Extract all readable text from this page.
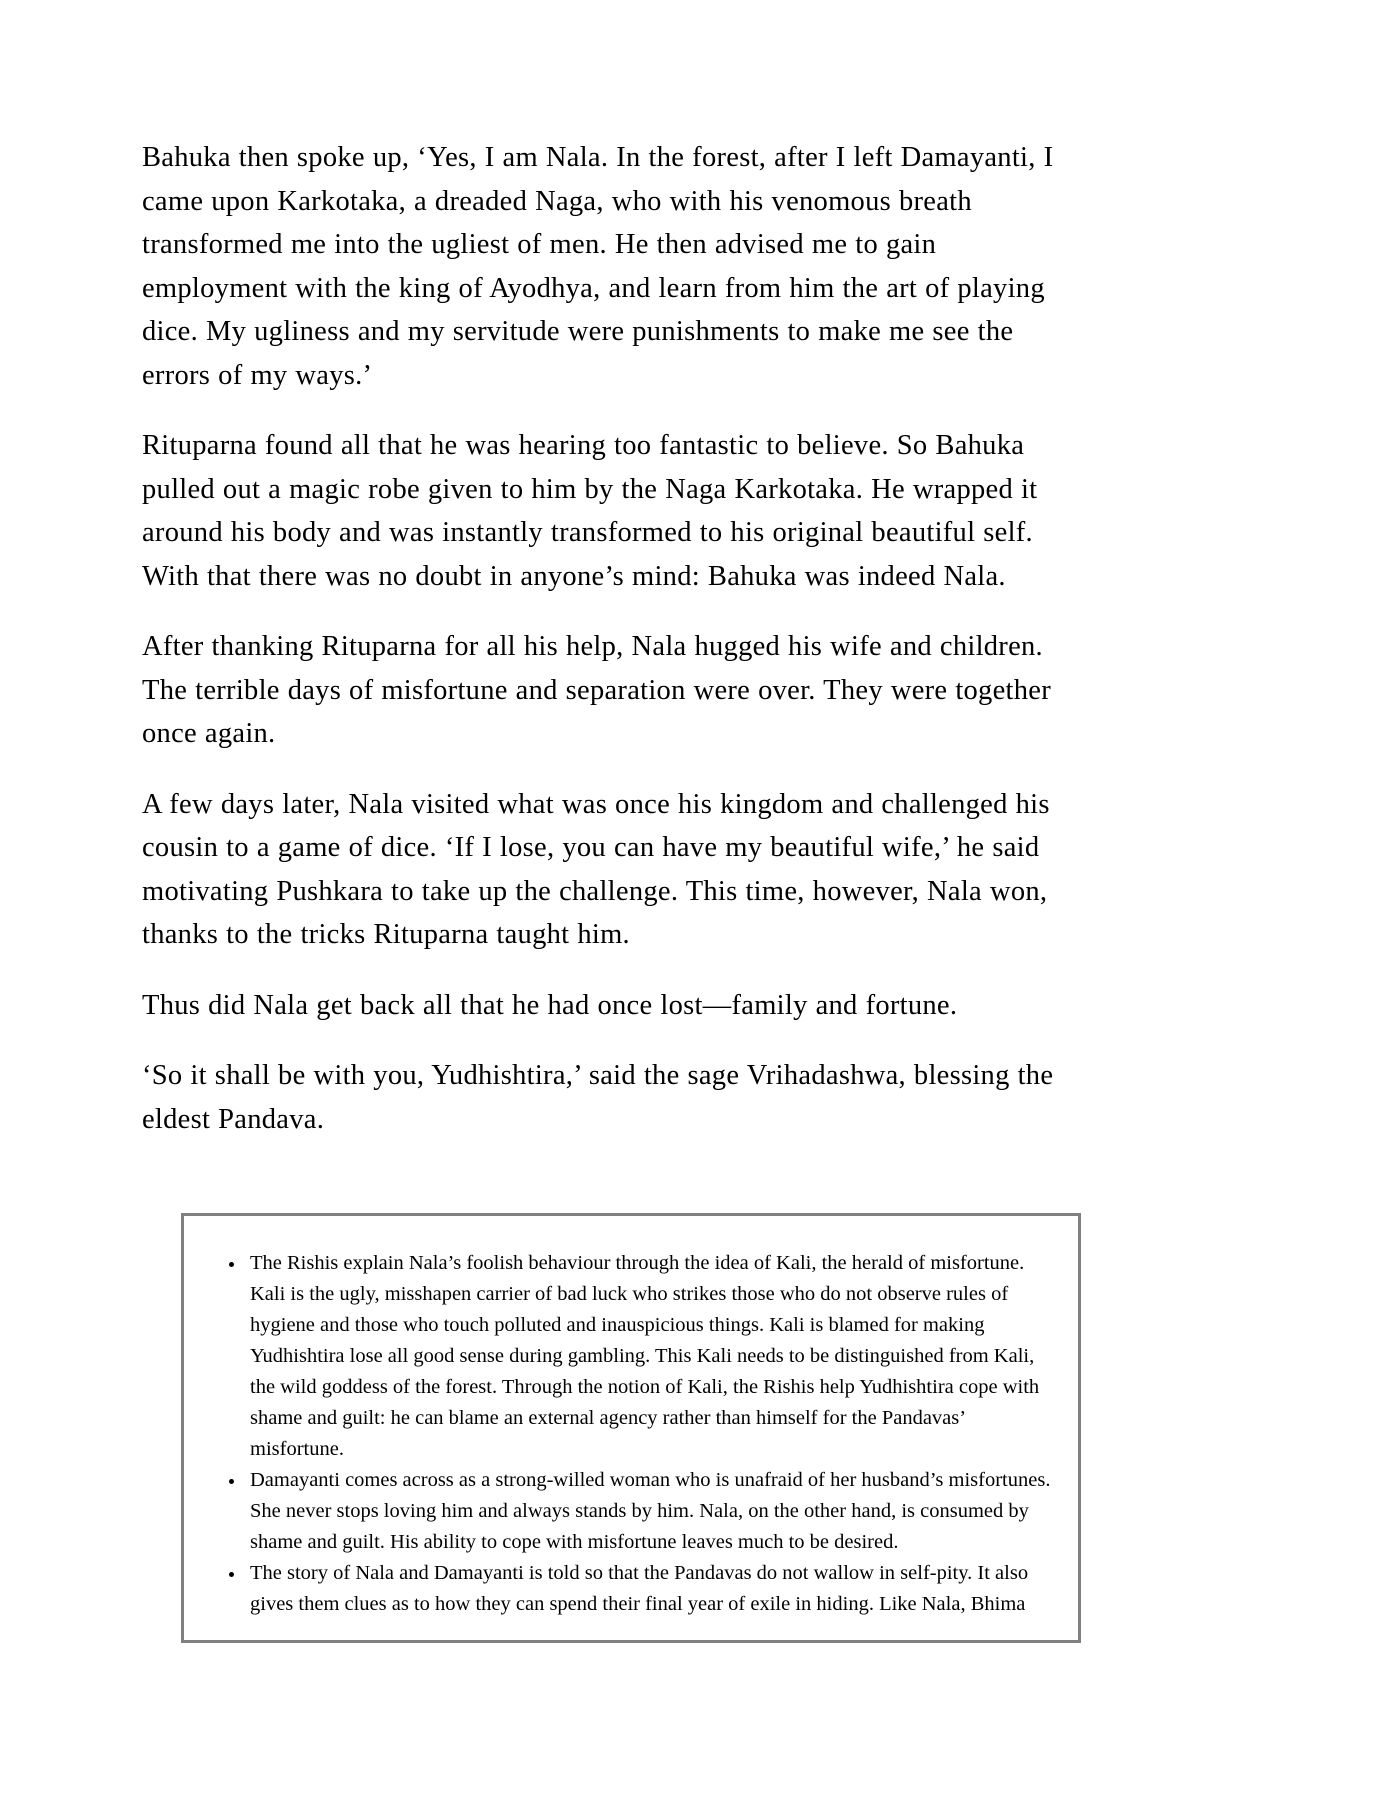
Bahuka then spoke up, ‘Yes, I am Nala. In the forest, after I left Damayanti, I came upon Karkotaka, a dreaded Naga, who with his venomous breath transformed me into the ugliest of men. He then advised me to gain employment with the king of Ayodhya, and learn from him the art of playing dice. My ugliness and my servitude were punishments to make me see the errors of my ways.’

Rituparna found all that he was hearing too fantastic to believe. So Bahuka pulled out a magic robe given to him by the Naga Karkotaka. He wrapped it around his body and was instantly transformed to his original beautiful self. With that there was no doubt in anyone’s mind: Bahuka was indeed Nala.

After thanking Rituparna for all his help, Nala hugged his wife and children. The terrible days of misfortune and separation were over. They were together once again.

A few days later, Nala visited what was once his kingdom and challenged his cousin to a game of dice. ‘If I lose, you can have my beautiful wife,’ he said motivating Pushkara to take up the challenge. This time, however, Nala won, thanks to the tricks Rituparna taught him.

Thus did Nala get back all that he had once lost—family and fortune.

‘So it shall be with you, Yudhishtira,’ said the sage Vrihadashwa, blessing the eldest Pandava.

• The Rishis explain Nala’s foolish behaviour through the idea of Kali, the herald of misfortune. Kali is the ugly, misshapen carrier of bad luck who strikes those who do not observe rules of hygiene and those who touch polluted and inauspicious things. Kali is blamed for making Yudhishtira lose all good sense during gambling. This Kali needs to be distinguished from Kali, the wild goddess of the forest. Through the notion of Kali, the Rishis help Yudhishtira cope with shame and guilt: he can blame an external agency rather than himself for the Pandavas’ misfortune.
• Damayanti comes across as a strong-willed woman who is unafraid of her husband’s misfortunes. She never stops loving him and always stands by him. Nala, on the other hand, is consumed by shame and guilt. His ability to cope with misfortune leaves much to be desired.
• The story of Nala and Damayanti is told so that the Pandavas do not wallow in self-pity. It also gives them clues as to how they can spend their final year of exile in hiding. Like Nala, Bhima
